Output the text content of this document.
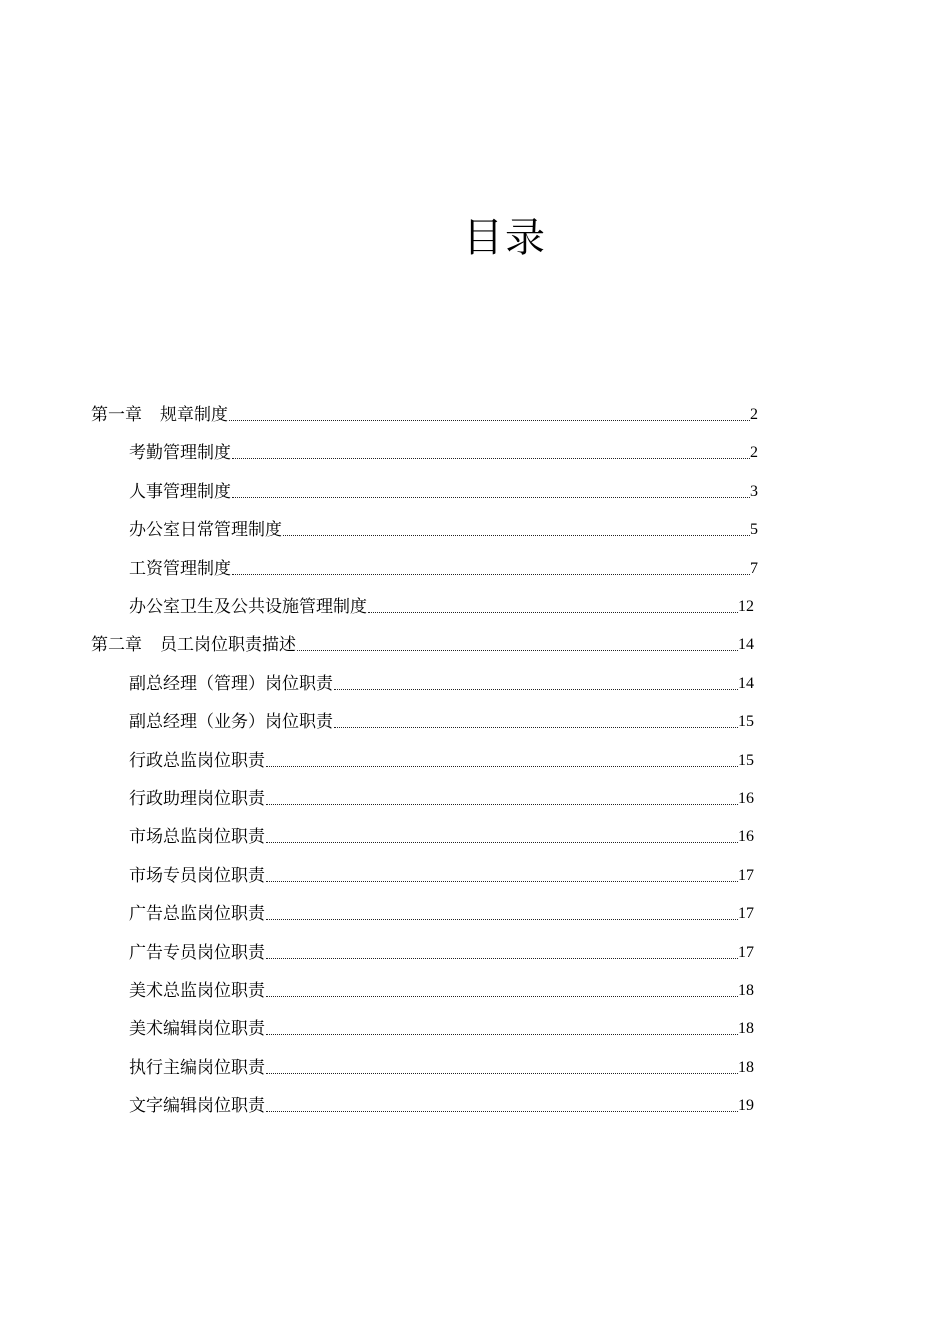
目录
第一章 规章制度	2
考勤管理制度	2
人事管理制度	3
办公室日常管理制度	5
工资管理制度	7
办公室卫生及公共设施管理制度	12
第二章 员工岗位职责描述	14
副总经理（管理）岗位职责	14
副总经理（业务）岗位职责	15
行政总监岗位职责	15
行政助理岗位职责	16
市场总监岗位职责	16
市场专员岗位职责	17
广告总监岗位职责	17
广告专员岗位职责	17
美术总监岗位职责	18
美术编辑岗位职责	18
执行主编岗位职责	18
文字编辑岗位职责	19
